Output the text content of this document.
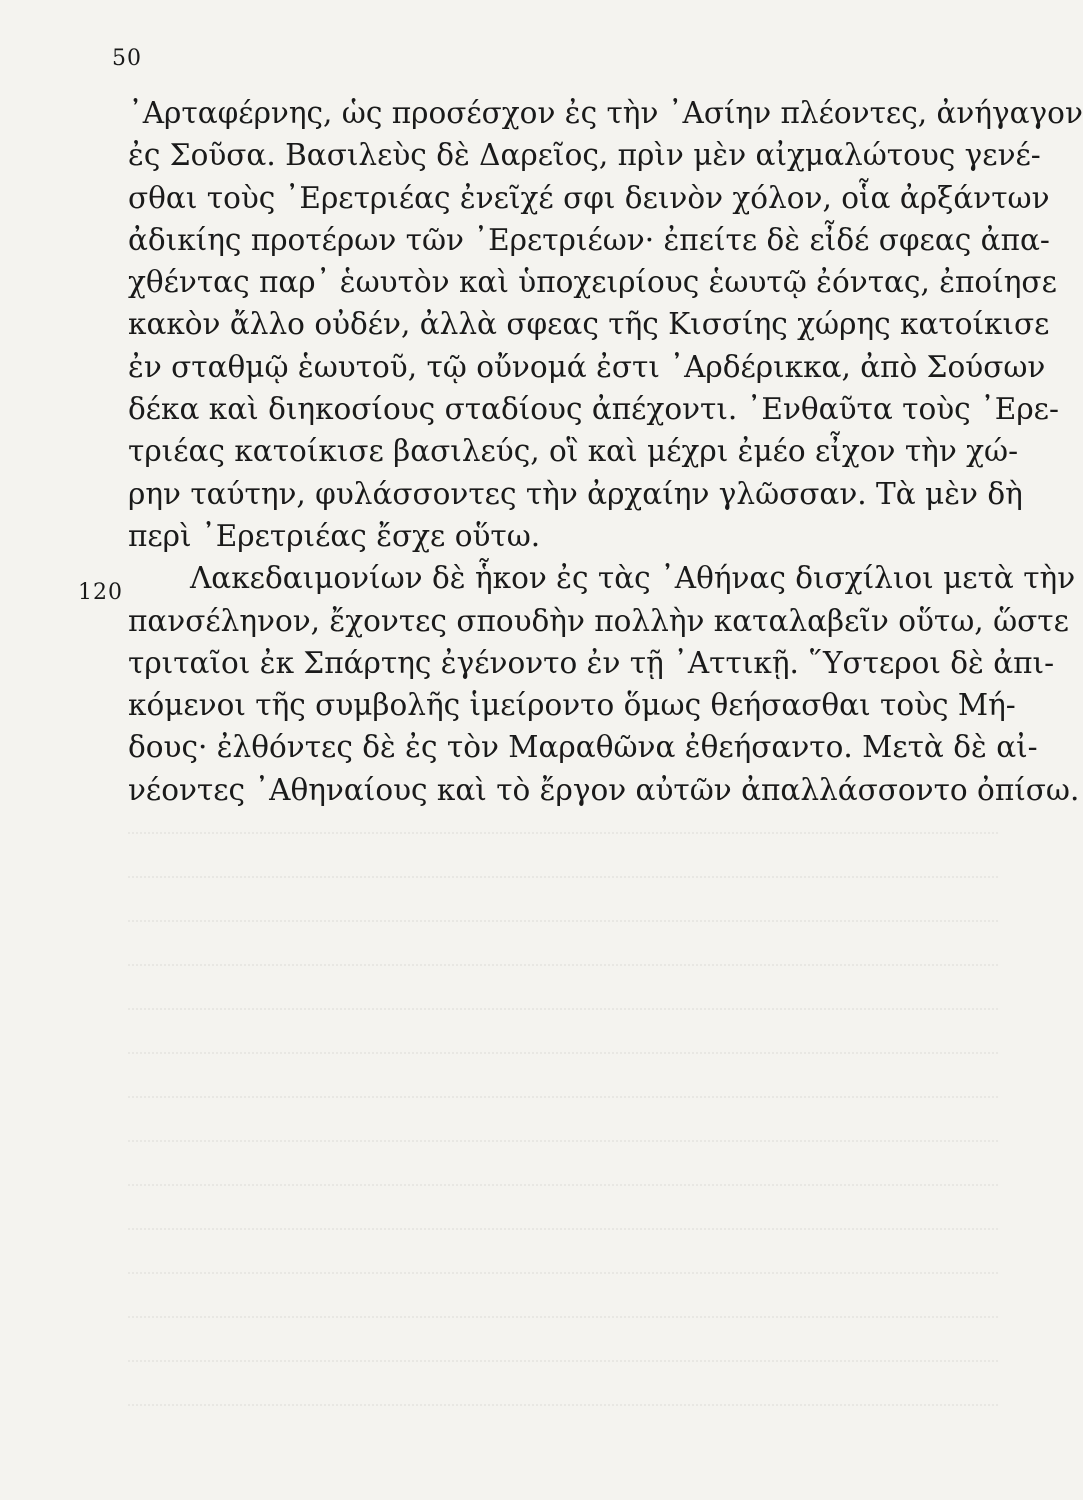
50
120
᾿Αρταφέρνης, ὡς προσέσχον ἐς τὴν ᾿Ασίην πλέοντες, ἀνήγαγον
ἐς Σοῦσα. Βασιλεὺς δὲ Δαρεῖος, πρὶν μὲν αἰχμαλώτους γενέ-
σθαι τοὺς ᾿Ερετριέας ἐνεῖχέ σφι δεινὸν χόλον, οἷα ἀρξάντων
ἀδικίης προτέρων τῶν ᾿Ερετριέων· ἐπείτε δὲ εἶδέ σφεας ἀπα-
χθέντας παρ᾿ ἑωυτὸν καὶ ὑποχειρίους ἑωυτῷ ἐόντας, ἐποίησε
κακὸν ἄλλο οὐδέν, ἀλλὰ σφεας τῆς Κισσίης χώρης κατοίκισε
ἐν σταθμῷ ἑωυτοῦ, τῷ οὔνομά ἐστι ᾿Αρδέρικκα, ἀπὸ Σούσων
δέκα καὶ διηκοσίους σταδίους ἀπέχοντι. ᾿Ενθαῦτα τοὺς ᾿Ερε-
τριέας κατοίκισε βασιλεύς, οἳ καὶ μέχρι ἐμέο εἶχον τὴν χώ-
ρην ταύτην, φυλάσσοντες τὴν ἀρχαίην γλῶσσαν. Τὰ μὲν δὴ
περὶ ᾿Ερετριέας ἔσχε οὕτω.
Λακεδαιμονίων δὲ ἧκον ἐς τὰς ᾿Αθήνας δισχίλιοι μετὰ τὴν
πανσέληνον, ἔχοντες σπουδὴν πολλὴν καταλαβεῖν οὕτω, ὥστε
τριταῖοι ἐκ Σπάρτης ἐγένοντο ἐν τῇ ᾿Αττικῇ. ῞Υστεροι δὲ ἀπι-
κόμενοι τῆς συμβολῆς ἱμείροντο ὅμως θεήσασθαι τοὺς Μή-
δους· ἐλθόντες δὲ ἐς τὸν Μαραθῶνα ἐθεήσαντο. Μετὰ δὲ αἰ-
νέοντες ᾿Αθηναίους καὶ τὸ ἔργον αὐτῶν ἀπαλλάσσοντο ὀπίσω.
